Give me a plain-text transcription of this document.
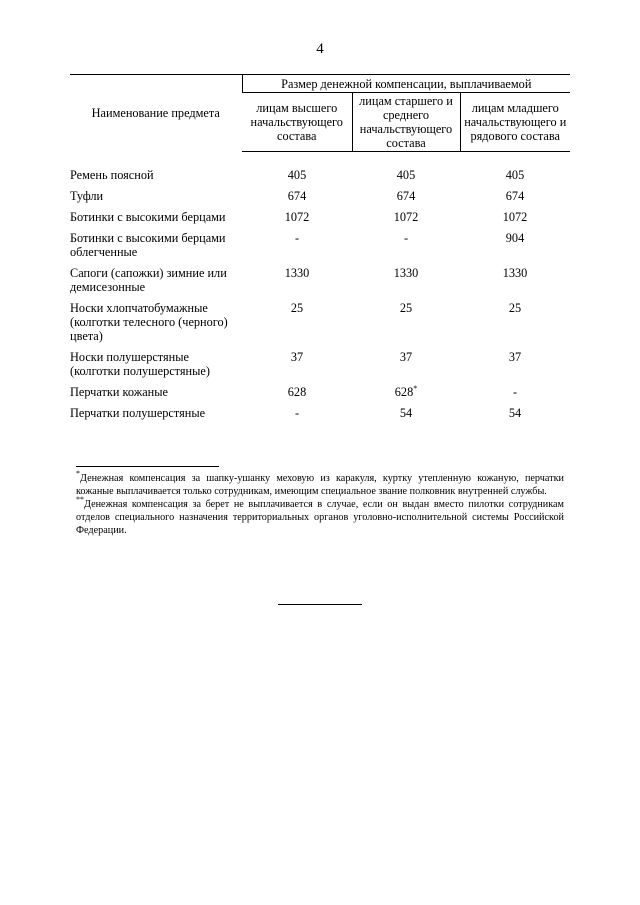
4
Наименование предмета	Размер денежной компенсации, выплачиваемой		
	лицам высшего начальствующего состава	лицам старшего и среднего начальствующего состава	лицам младшего начальствующего и рядового состава

Ремень поясной	405	405	405
Туфли	674	674	674
Ботинки с высокими берцами	1072	1072	1072
Ботинки с высокими берцами облегченные	-	-	904
Сапоги (сапожки) зимние или демисезонные	1330	1330	1330
Носки хлопчатобумажные (колготки телесного (черного) цвета)	25	25	25
Носки полушерстяные (колготки полушерстяные)	37	37	37
Перчатки кожаные	628	628*	-
Перчатки полушерстяные	-	54	54

*Денежная компенсация за шапку-ушанку меховую из каракуля, куртку утепленную кожаную, перчатки кожаные выплачивается только сотрудникам, имеющим специальное звание полковник внутренней службы.

**Денежная компенсация за берет не выплачивается в случае, если он выдан вместо пилотки сотрудникам отделов специального назначения территориальных органов уголовно-исполнительной системы Российской Федерации.
